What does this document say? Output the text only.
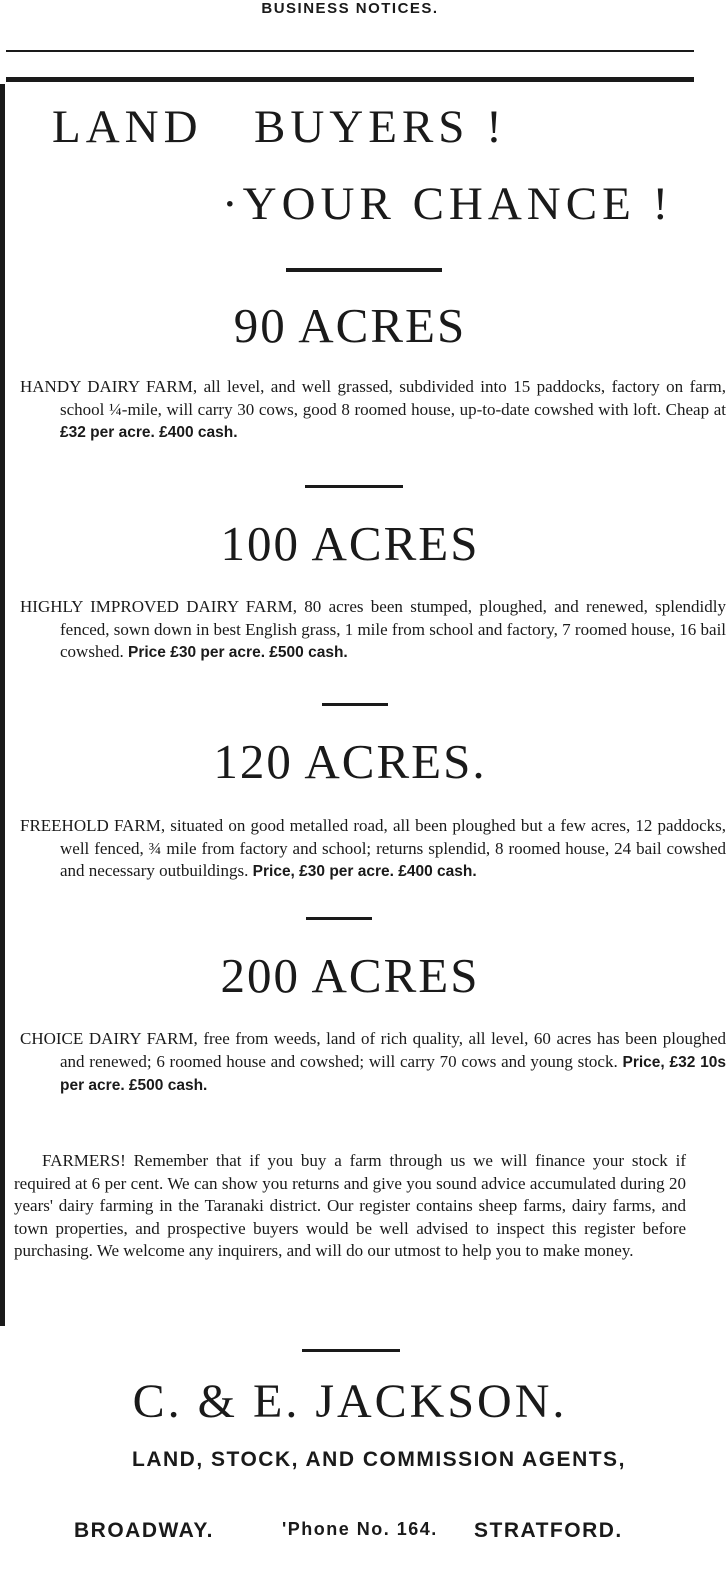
BUSINESS NOTICES.
LAND BUYERS !
·YOUR CHANCE !
90 ACRES
HANDY DAIRY FARM, all level, and well grassed, subdivided into 15 paddocks, factory on farm, school ¼-mile, will carry 30 cows, good 8 roomed house, up-to-date cowshed with loft. Cheap at £32 per acre. £400 cash.
100 ACRES
HIGHLY IMPROVED DAIRY FARM, 80 acres been stumped, ploughed, and renewed, splendidly fenced, sown down in best English grass, 1 mile from school and factory, 7 roomed house, 16 bail cowshed. Price £30 per acre. £500 cash.
120 ACRES.
FREEHOLD FARM, situated on good metalled road, all been ploughed but a few acres, 12 paddocks, well fenced, ¾ mile from factory and school; returns splendid, 8 roomed house, 24 bail cowshed and necessary outbuildings. Price, £30 per acre. £400 cash.
200 ACRES
CHOICE DAIRY FARM, free from weeds, land of rich quality, all level, 60 acres has been ploughed and renewed; 6 roomed house and cowshed; will carry 70 cows and young stock. Price, £32 10s per acre. £500 cash.
FARMERS! Remember that if you buy a farm through us we will finance your stock if required at 6 per cent. We can show you returns and give you sound advice accumulated during 20 years' dairy farming in the Taranaki district. Our register contains sheep farms, dairy farms, and town properties, and prospective buyers would be well advised to inspect this register before purchasing. We welcome any inquirers, and will do our utmost to help you to make money.
C. & E. JACKSON.
LAND, STOCK, AND COMMISSION AGENTS,
BROADWAY.	'Phone No. 164. STRATFORD.
